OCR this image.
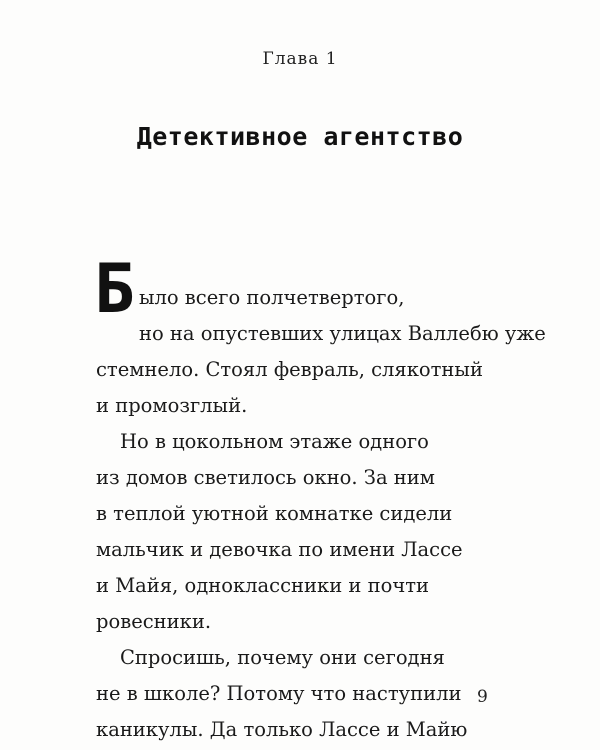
Глава 1
Детективное агентство
Б ыло всего полчетвертого,
но на опустевших улицах Валлебю уже
стемнело. Стоял февраль, слякотный
и промозглый.
Но в цокольном этаже одного
из домов светилось окно. За ним
в теплой уютной комнатке сидели
мальчик и девочка по имени Лассе
и Майя, одноклассники и почти
ровесники.
Спросишь, почему они сегодня
не в школе? Потому что наступили
каникулы. Да только Лассе и Майю
9
